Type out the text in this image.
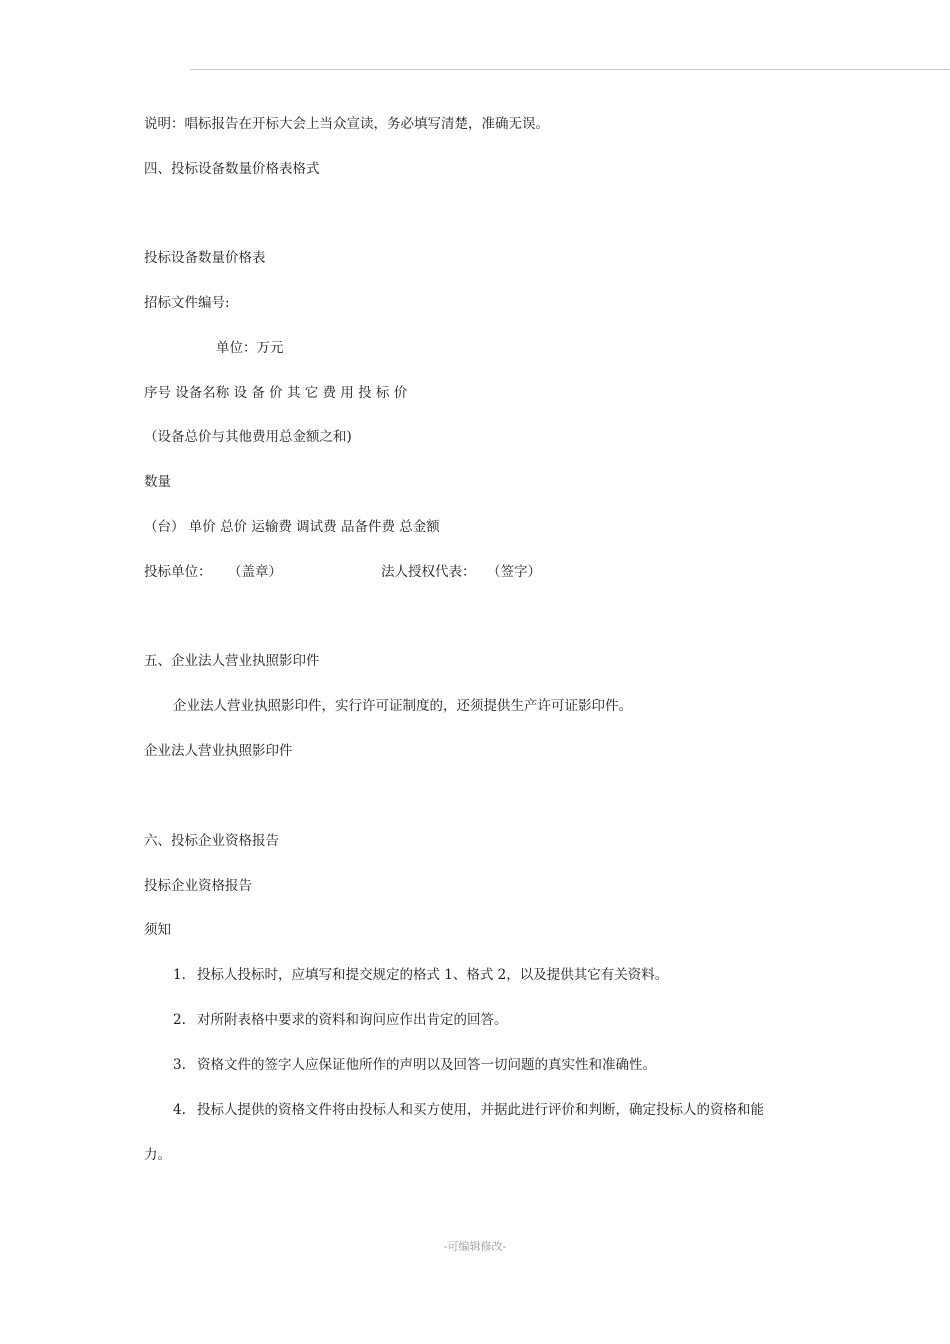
说明：唱标报告在开标大会上当众宣读，务必填写清楚，准确无误。
四、投标设备数量价格表格式
投标设备数量价格表
招标文件编号:
单位：万元
序号 设备名称 设 备 价 其 它 费 用 投 标 价
（设备总价与其他费用总金额之和)
数量
（台） 单价 总价 运输费 调试费 品备件费 总金额
投标单位： （盖章）	法人授权代表： （签字）
五、企业法人营业执照影印件
企业法人营业执照影印件，实行许可证制度的，还须提供生产许可证影印件。
企业法人营业执照影印件
六、投标企业资格报告
投标企业资格报告
须知
1. 投标人投标时，应填写和提交规定的格式 1、格式 2，以及提供其它有关资料。
2. 对所附表格中要求的资料和询问应作出肯定的回答。
3. 资格文件的签字人应保证他所作的声明以及回答一切问题的真实性和准确性。
4. 投标人提供的资格文件将由投标人和买方使用，并据此进行评价和判断，确定投标人的资格和能
力。
-可编辑修改-
